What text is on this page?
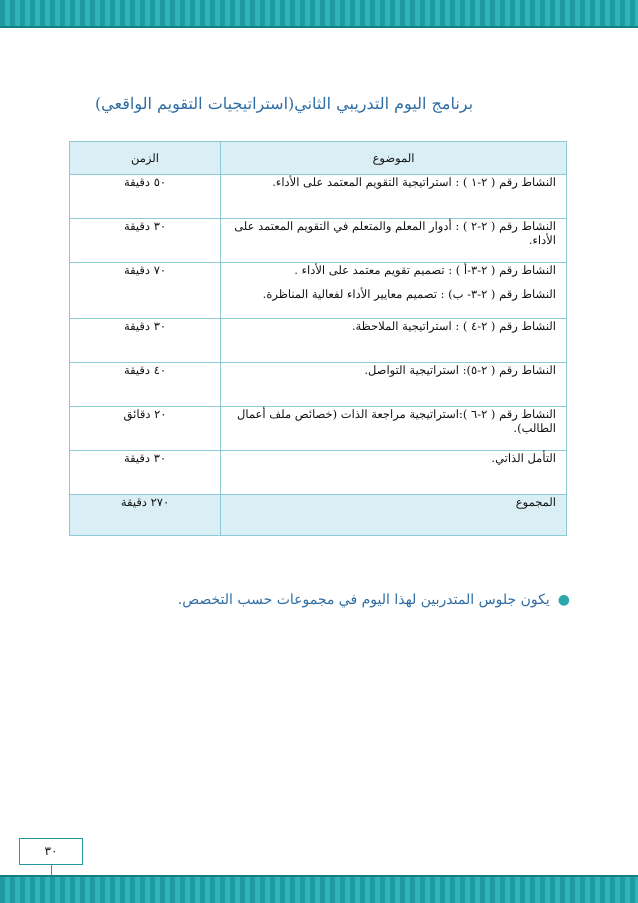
برنامج اليوم التدريبي الثاني(استراتيجيات التقويم الواقعي)
الموضوع	الزمن

النشاط رقم ( ٢-١ ) : استراتيجية التقويم المعتمد على الأداء.	٥٠ دقيقة

النشاط رقم ( ٢-٢ ) : أدوار المعلم والمتعلم في التقويم المعتمد على الأداء.	٣٠ دقيقة

النشاط رقم ( ٢-٣-أ ) : تصميم تقويم معتمد على الأداء .
النشاط رقم ( ٢-٣- ب) : تصميم معايير الأداء لفعالية المناظرة.	٧٠ دقيقة

النشاط رقم ( ٢-٤ ) : استراتيجية الملاحظة.	٣٠ دقيقة

النشاط رقم ( ٢-٥): استراتيجية التواصل.	٤٠ دقيقة

النشاط رقم ( ٢-٦ ):استراتيجية مراجعة الذات (خصائص ملف أعمال الطالب).	٢٠ دقائق

التأمل الذاتي.	٣٠ دقيقة
المجموع	٢٧٠ دقيقة
●يكون جلوس المتدربين لهذا اليوم في مجموعات حسب التخصص.
٣٠
